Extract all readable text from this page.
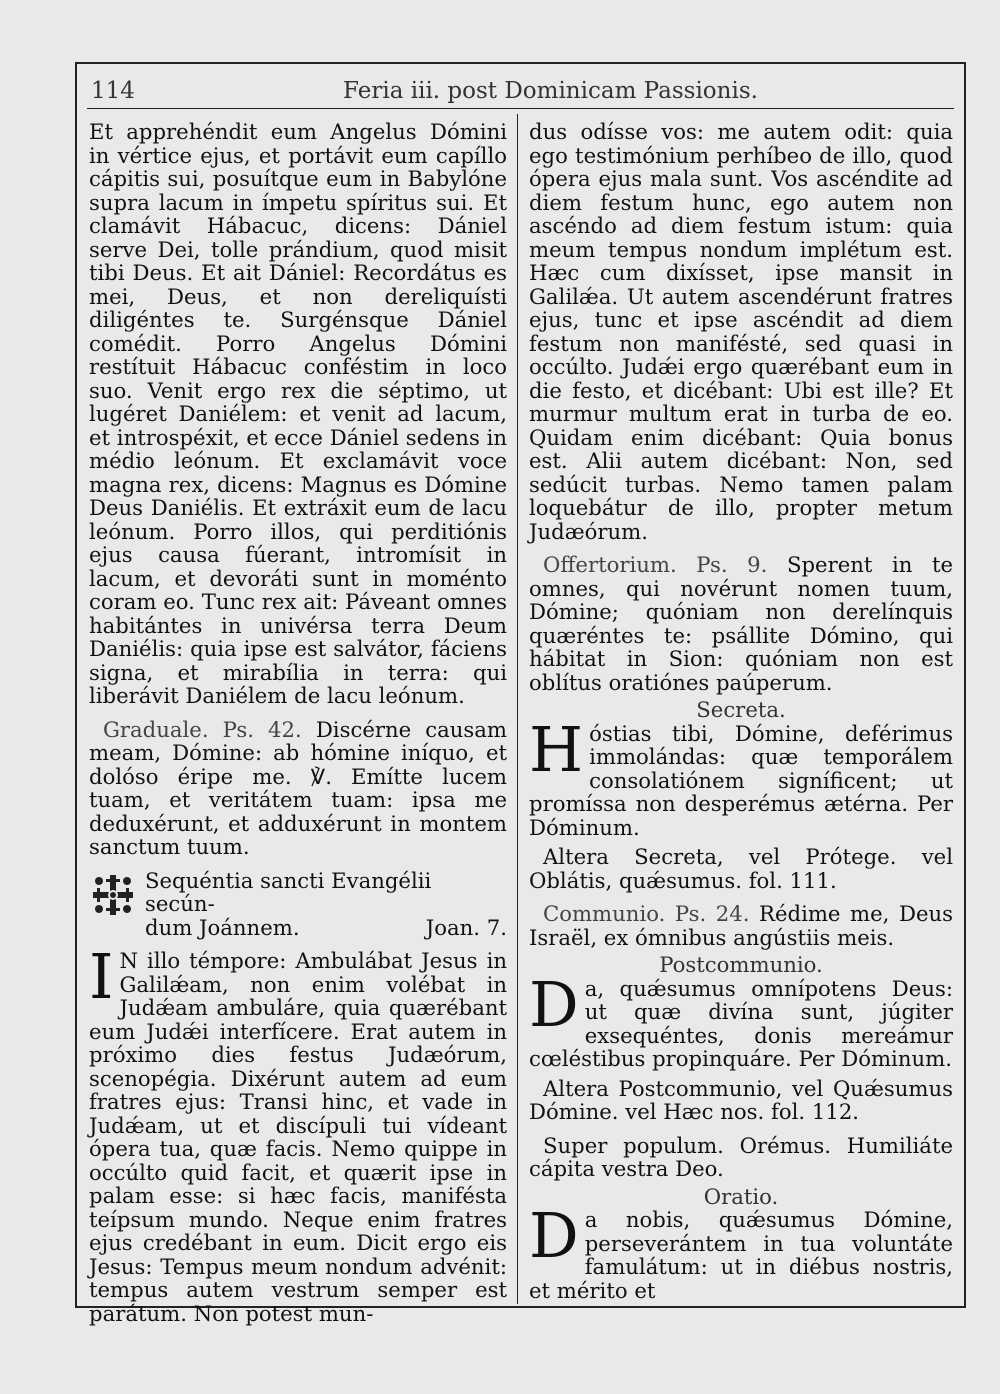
114	Feria iii. post Dominicam Passionis.

Et apprehéndit eum Angelus Dómini in vértice ejus, et portávit eum capíllo cápitis sui, posuítque eum in Babylóne supra lacum in ímpetu spíritus sui. Et clamávit Hábacuc, dicens: Dániel serve Dei, tolle prándium, quod misit tibi Deus. Et ait Dániel: Recordátus es mei, Deus, et non dereliquísti diligéntes te. Surgénsque Dániel comédit. Porro Angelus Dómini restítuit Hábacuc conféstim in loco suo. Venit ergo rex die séptimo, ut lugéret Daniélem: et venit ad lacum, et introspéxit, et ecce Dániel sedens in médio leónum. Et exclamávit voce magna rex, dicens: Magnus es Dómine Deus Daniélis. Et extráxit eum de lacu leónum. Porro illos, qui perditiónis ejus causa fúerant, intromísit in lacum, et devoráti sunt in moménto coram eo. Tunc rex ait: Páveant omnes habitántes in univérsa terra Deum Daniélis: quia ipse est salvátor, fáciens signa, et mirabília in terra: qui liberávit Daniélem de lacu leónum.

Graduale. Ps. 42. Discérne causam meam, Dómine: ab hómine iníquo, et dolóso éripe me. ℣. Emítte lucem tuam, et veritátem tuam: ipsa me deduxérunt, et adduxérunt in montem sanctum tuum.

Sequéntia sancti Evangélii secún-
dum Joánnem.	Joan. 7.

I N illo témpore: Ambulábat Jesus in Galilǽam, non enim volébat in Judǽam ambuláre, quia quærébant eum Judǽi interfícere. Erat autem in próximo dies festus Judæórum, scenopégia. Dixérunt autem ad eum fratres ejus: Transi hinc, et vade in Judǽam, ut et discípuli tui vídeant ópera tua, quæ facis. Nemo quippe in occúlto quid facit, et quærit ipse in palam esse: si hæc facis, manifésta teípsum mundo. Neque enim fratres ejus credébant in eum. Dicit ergo eis Jesus: Tempus meum nondum advénit: tempus autem vestrum semper est parátum. Non potest mun-

dus odísse vos: me autem odit: quia ego testimónium perhíbeo de illo, quod ópera ejus mala sunt. Vos ascéndite ad diem festum hunc, ego autem non ascéndo ad diem festum istum: quia meum tempus nondum implétum est. Hæc cum dixísset, ipse mansit in Galilǽa. Ut autem ascendérunt fratres ejus, tunc et ipse ascéndit ad diem festum non manifésté, sed quasi in occúlto. Judǽi ergo quærébant eum in die festo, et dicébant: Ubi est ille? Et murmur multum erat in turba de eo. Quidam enim dicébant: Quia bonus est. Alii autem dicébant: Non, sed sedúcit turbas. Nemo tamen palam loquebátur de illo, propter metum Judæórum.

Offertorium. Ps. 9. Sperent in te omnes, qui novérunt nomen tuum, Dómine; quóniam non derelínquis quæréntes te: psállite Dómino, qui hábitat in Sion: quóniam non est oblítus oratiónes paúperum.

Secreta.

Hóstias tibi, Dómine, deférimus immolándas: quæ temporálem consolatiónem signíficent; ut promíssa non desperémus ætérna. Per Dóminum.

Altera Secreta, vel Prótege. vel Oblátis, quǽsumus. fol. 111.

Communio. Ps. 24. Rédime me, Deus Israël, ex ómnibus angústiis meis.

Postcommunio.

Da, quǽsumus omnípotens Deus: ut quæ divína sunt, júgiter exsequéntes, donis mereámur cœléstibus propinquáre. Per Dóminum.

Altera Postcommunio, vel Quǽsumus Dómine. vel Hæc nos. fol. 112.

Super populum. Orémus. Humiliáte cápita vestra Deo.

Oratio.

Da nobis, quǽsumus Dómine, perseverántem in tua voluntáte famulátum: ut in diébus nostris, et mérito et
